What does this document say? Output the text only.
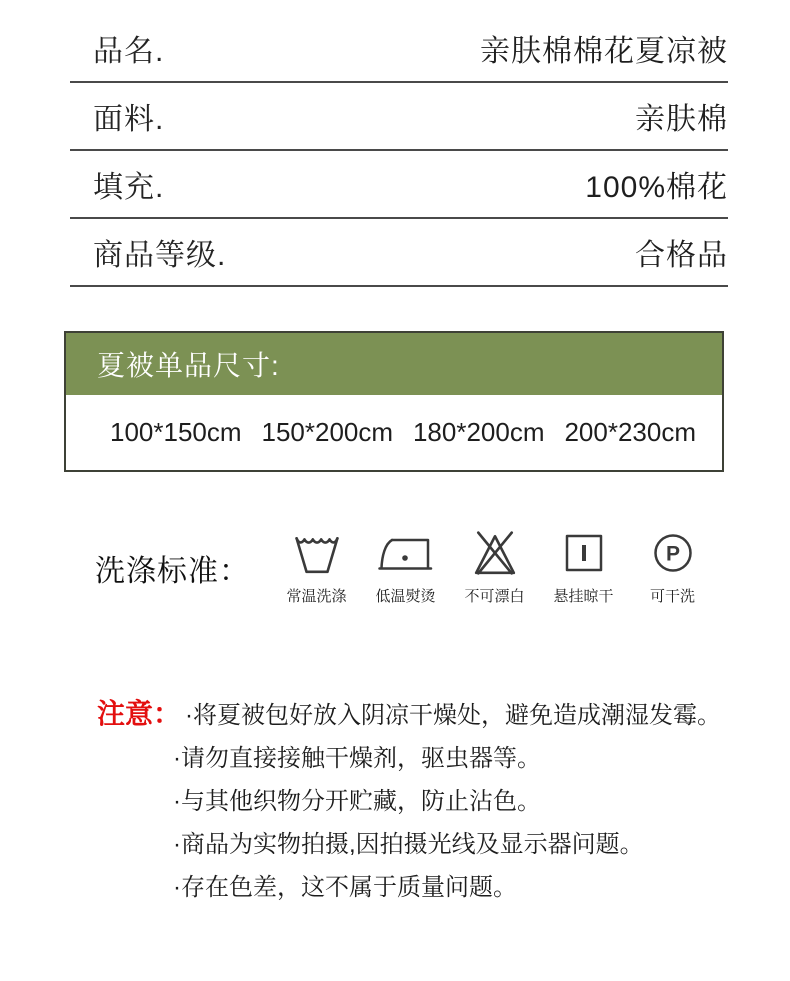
品名.	亲肤棉棉花夏凉被
面料.	亲肤棉
填充.	100%棉花
商品等级.	合格品
夏被单品尺寸:
100*150cm 150*200cm 180*200cm 200*230cm
洗涤标准：
常温洗涤 低温熨烫 不可漂白 悬挂晾干
P
可干洗
注意： ·将夏被包好放入阴凉干燥处，避免造成潮湿发霉。
·请勿直接接触干燥剂，驱虫器等。
·与其他织物分开贮藏，防止沾色。
·商品为实物拍摄,因拍摄光线及显示器问题。
·存在色差，这不属于质量问题。
